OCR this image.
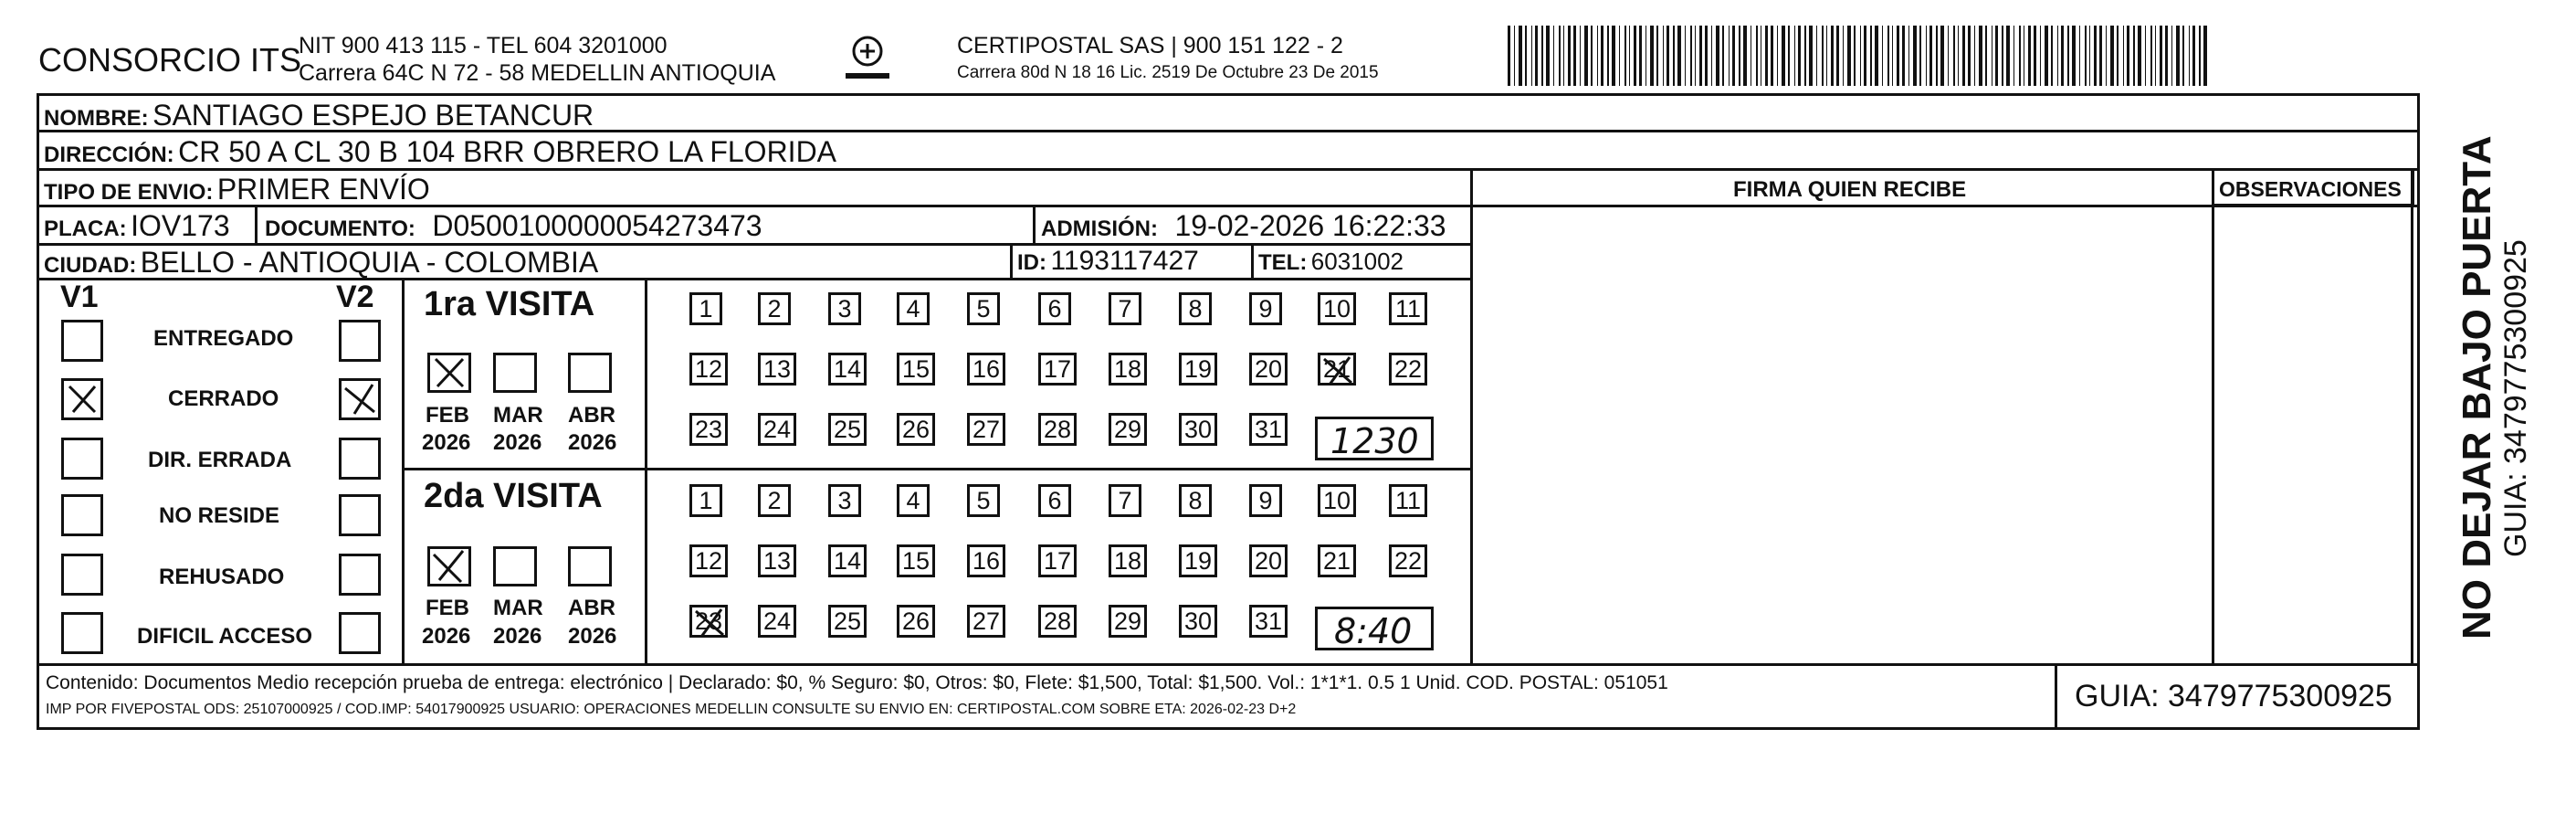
CONSORCIO ITS
NIT 900 413 115 - TEL 604 3201000
Carrera 64C N 72 - 58 MEDELLIN ANTIOQUIA
CERTIPOSTAL SAS | 900 151 122 - 2
Carrera 80d N 18 16 Lic. 2519 De Octubre 23 De 2015
NOMBRE: SANTIAGO ESPEJO BETANCUR
DIRECCIÓN: CR 50 A CL 30 B 104 BRR OBRERO LA FLORIDA
TIPO DE ENVIO: PRIMER ENVÍO	FIRMA QUIEN RECIBE	OBSERVACIONES
PLACA: IOV173 DOCUMENTO: D0500100000054273473	ADMISIÓN: 19-02-2026 16:22:33
CIUDAD: BELLO - ANTIOQUIA - COLOMBIA	ID: 1193117427	TEL: 6031002
V1	V2
ENTREGADO
CERRADO
DIR. ERRADA
NO RESIDE
REHUSADO
DIFICIL ACCESO
1ra VISITA
FEB MAR ABR
2026 2026 2026
2da VISITA
FEB MAR ABR
2026 2026 2026
1	2	3	4	5	6	7	8	9	10 11
12 13 14 15 16 17 18 19 20 21 22
23 24 25 26 27 28 29 30 31
1	2	3	4	5	6	7	8	9	10 11
12 13 14 15 16 17 18 19 20 21 22
23 24 25 26 27 28 29 30 31
1230
8:40
Contenido: Documentos Medio recepción prueba de entrega: electrónico | Declarado: $0, % Seguro: $0, Otros: $0, Flete: $1,500, Total: $1,500. Vol.: 1*1*1. 0.5 1 Unid. COD. POSTAL: 051051
IMP POR FIVEPOSTAL ODS: 25107000925 / COD.IMP: 54017900925 USUARIO: OPERACIONES MEDELLIN CONSULTE SU ENVIO EN: CERTIPOSTAL.COM SOBRE ETA: 2026-02-23 D+2	GUIA: 3479775300925
NO DEJAR BAJO PUERTA GUIA: 3479775300925
